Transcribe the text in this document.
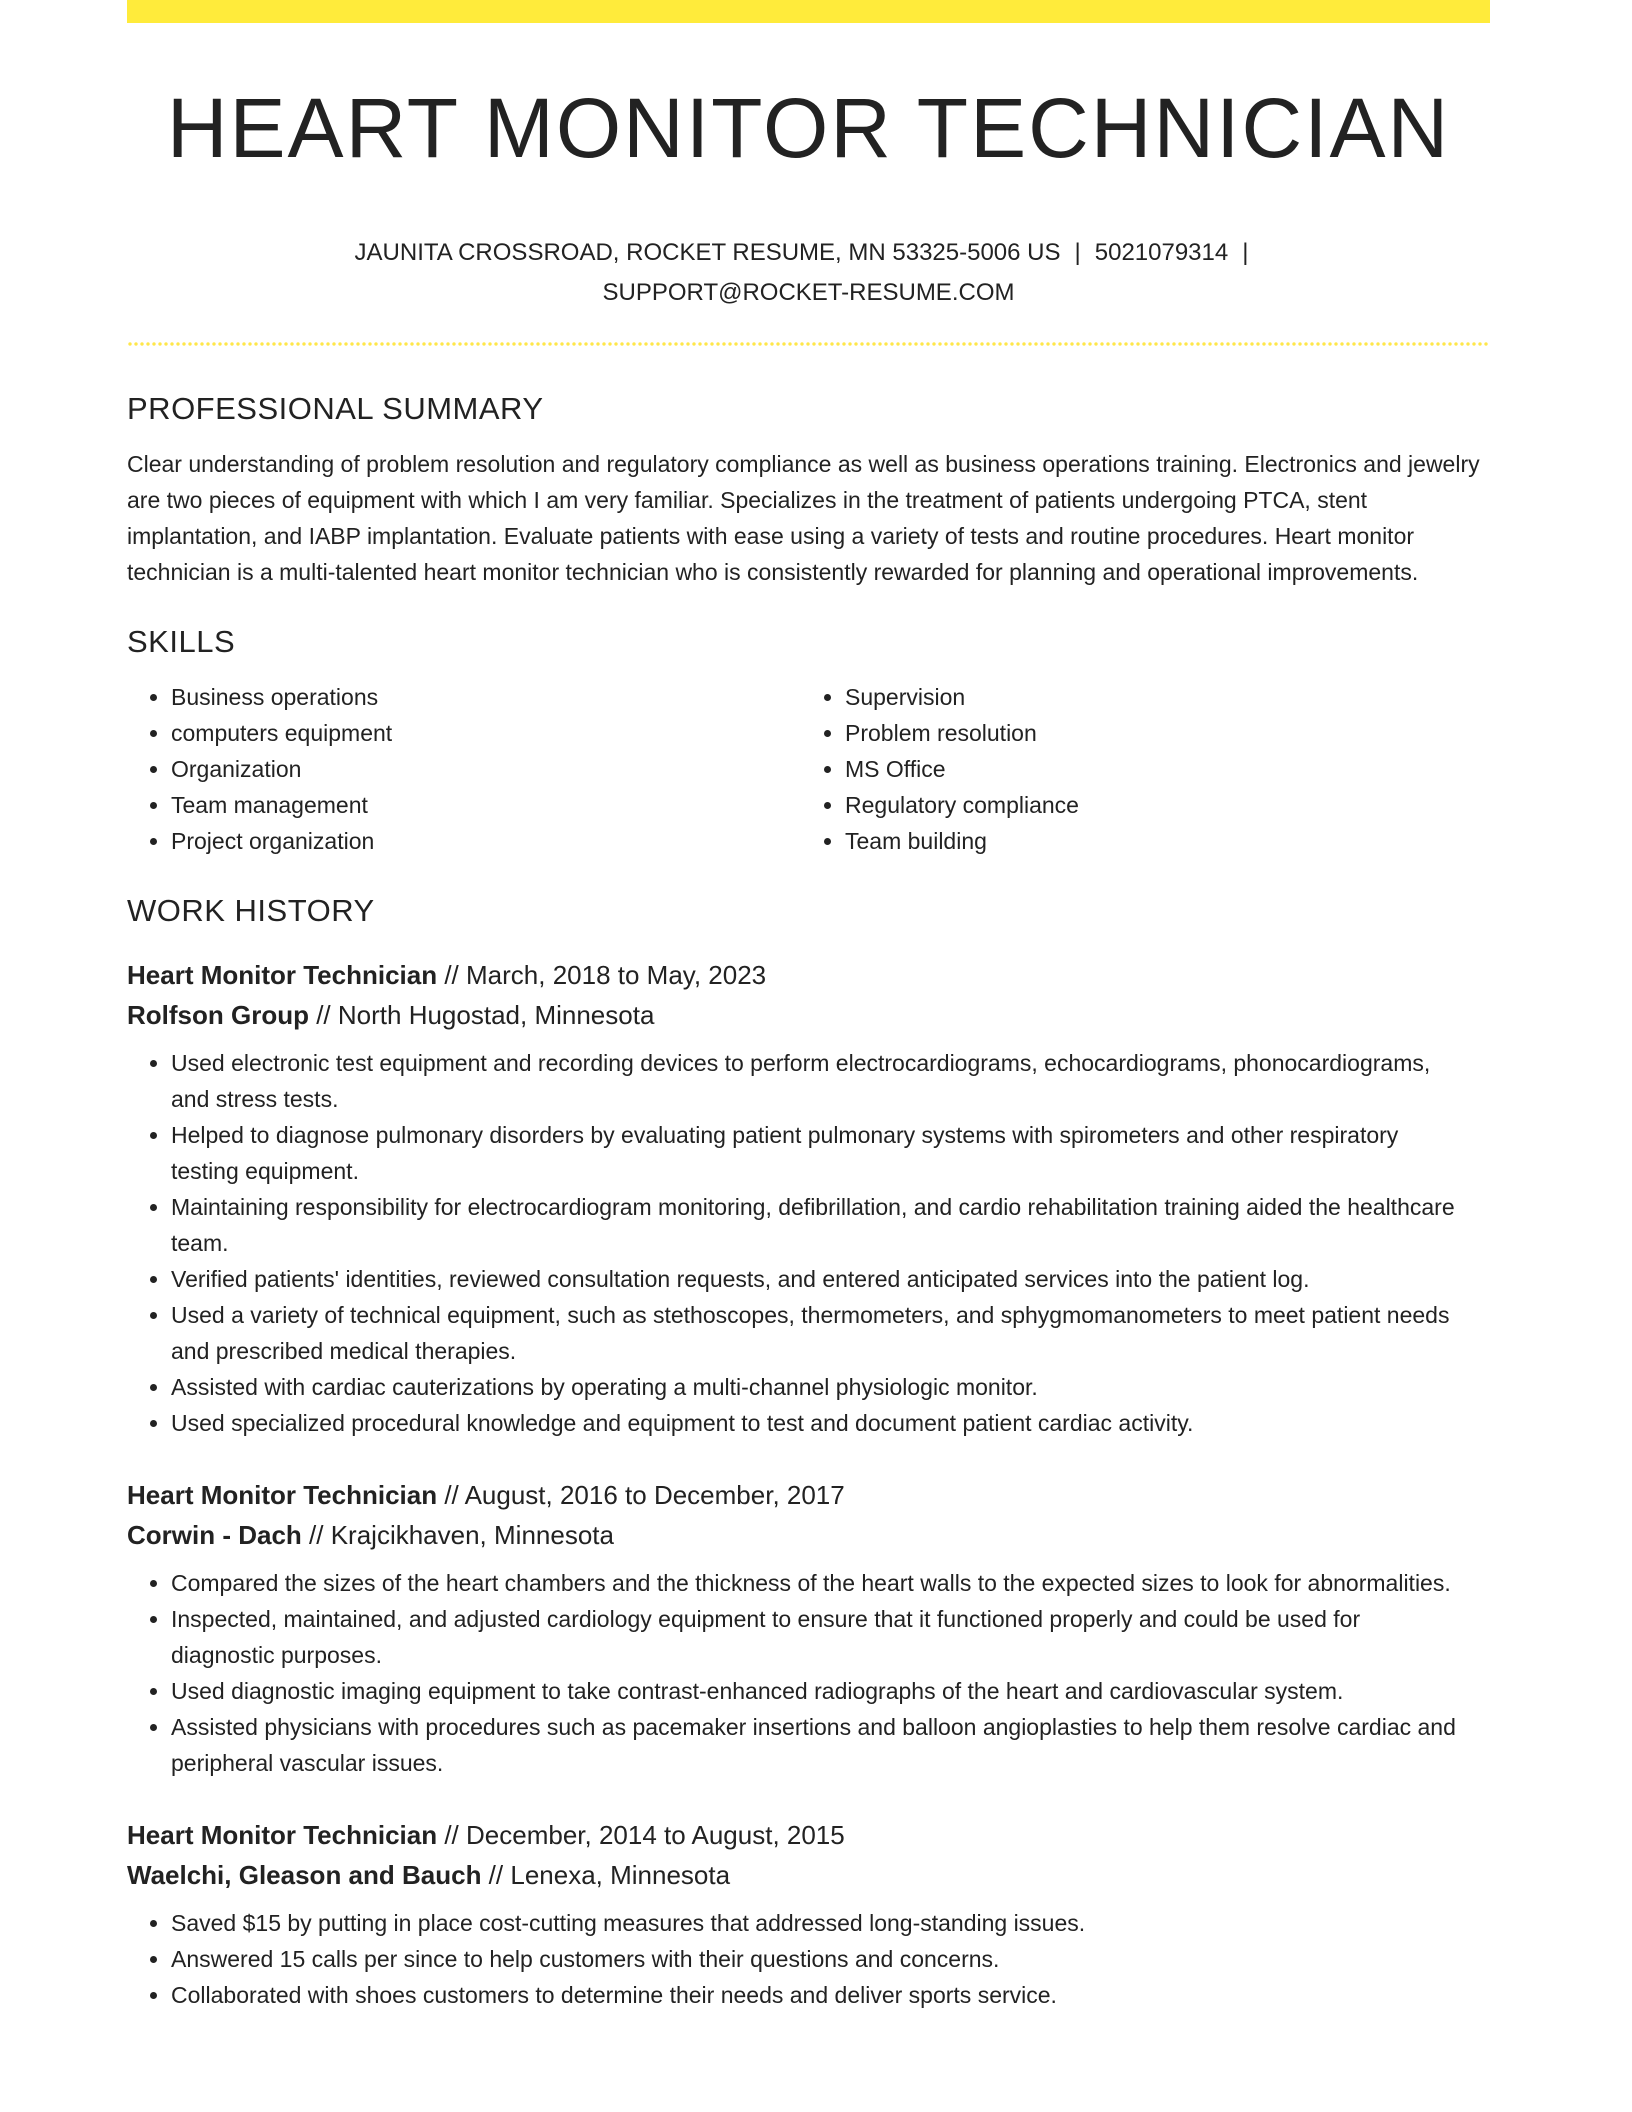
HEART MONITOR TECHNICIAN
JAUNITA CROSSROAD, ROCKET RESUME, MN 53325-5006 US | 5021079314 |
SUPPORT@ROCKET-RESUME.COM
PROFESSIONAL SUMMARY

Clear understanding of problem resolution and regulatory compliance as well as business operations training. Electronics and jewelry are two pieces of equipment with which I am very familiar. Specializes in the treatment of patients undergoing PTCA, stent implantation, and IABP implantation. Evaluate patients with ease using a variety of tests and routine procedures. Heart monitor technician is a multi-talented heart monitor technician who is consistently rewarded for planning and operational improvements.

SKILLS
• Business operations
• computers equipment
• Organization
• Team management
• Project organization
• Supervision
• Problem resolution
• MS Office
• Regulatory compliance
• Team building
WORK HISTORY
Heart Monitor Technician // March, 2018 to May, 2023
Rolfson Group // North Hugostad, Minnesota
• Used electronic test equipment and recording devices to perform electrocardiograms, echocardiograms, phonocardiograms, and stress tests.
• Helped to diagnose pulmonary disorders by evaluating patient pulmonary systems with spirometers and other respiratory testing equipment.
• Maintaining responsibility for electrocardiogram monitoring, defibrillation, and cardio rehabilitation training aided the healthcare team.
• Verified patients' identities, reviewed consultation requests, and entered anticipated services into the patient log.
• Used a variety of technical equipment, such as stethoscopes, thermometers, and sphygmomanometers to meet patient needs and prescribed medical therapies.
• Assisted with cardiac cauterizations by operating a multi-channel physiologic monitor.
• Used specialized procedural knowledge and equipment to test and document patient cardiac activity.
Heart Monitor Technician // August, 2016 to December, 2017
Corwin - Dach // Krajcikhaven, Minnesota
• Compared the sizes of the heart chambers and the thickness of the heart walls to the expected sizes to look for abnormalities.
• Inspected, maintained, and adjusted cardiology equipment to ensure that it functioned properly and could be used for diagnostic purposes.
• Used diagnostic imaging equipment to take contrast-enhanced radiographs of the heart and cardiovascular system.
• Assisted physicians with procedures such as pacemaker insertions and balloon angioplasties to help them resolve cardiac and peripheral vascular issues.
Heart Monitor Technician // December, 2014 to August, 2015
Waelchi, Gleason and Bauch // Lenexa, Minnesota
• Saved $15 by putting in place cost-cutting measures that addressed long-standing issues.
• Answered 15 calls per since to help customers with their questions and concerns.
• Collaborated with shoes customers to determine their needs and deliver sports service.
